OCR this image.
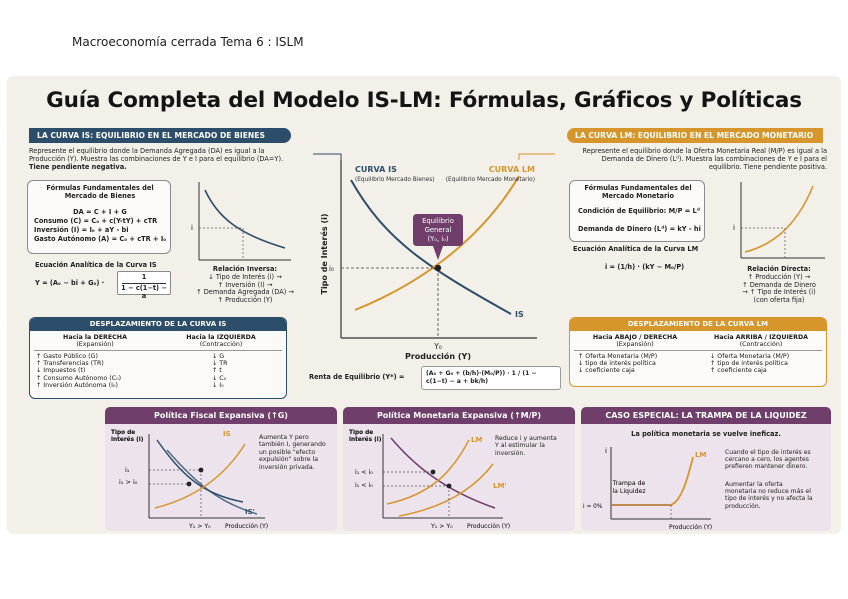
Macroeconomía cerrada Tema 6 : ISLM
Guía Completa del Modelo IS-LM: Fórmulas, Gráficos y Políticas
LA CURVA IS: EQUILIBRIO EN EL MERCADO DE BIENES
Represente el equilibrio donde la Demanda Agregada (DA) es igual a la
Producción (Y). Muestra las combinaciones de Y e I para el equilibrio (DA=Y).
Tiene pendiente negativa.
Fórmulas Fundamentales del Mercado de Bienes
DA = C + I + G
Consumo (C) = C₀ + c(Y-tY) + cTR
Inversión (I) = I₀ + aY - bi
Gasto Autónomo (A) = C₀ + cTR + I₀
Ecuación Analítica de la Curva IS
Y = (A₀ − bi + G₀) ·
1
1 − c(1−t) − a
i
Relación Inversa:
↓ Tipo de Interés (i) →
↑ Inversión (I) →
↑ Demanda Agregada (DA) →
↑ Producción (Y)
DESPLAZAMIENTO DE LA CURVA IS
Hacia la DERECHA
(Expansión)
Hacia la IZQUIERDA
(Contracción)
↑ Gasto Público (G)
↑ Transferencias (TR)
↓ Impuestos (t)
↑ Consumo Autónomo (C₀)
↑ Inversión Autónoma (I₀)
↓ G
↓ TR
↑ t
↓ C₀
↓ I₀
Equilibrio
General
(Y₀, i₀)
CURVA IS
(Equilibrio Mercado Bienes)
CURVA LM
(Equilibrio Mercado Monetario)
Tipo de Interés (i) i₀
Y₀
Producción (Y)
IS
Renta de Equilibrio (Y*) =	(A₀ + G₀ + (b/h)·(M₀/P)) · 1 / (1 − c(1−t) − a + bk/h)
LA CURVA LM: EQUILIBRIO EN EL MERCADO MONETARIO
Represente el equilibrio donde la Oferta Monetaria Real (M/P) es igual a la
Demanda de Dinero (Lᵈ). Muestra las combinaciones de Y e I para el
equilibrio. Tiene pendiente positiva.
Fórmulas Fundamentales del Mercado Monetario
Condición de Equilibrio: M/P = Lᵈ
Demanda de Dinero (Lᵈ) = kY - hi
Ecuación Analítica de la Curva LM
i = (1/h) · (kY − M₀/P)
i
Relación Directa:
↑ Producción (Y) →
↑ Demanda de Dinero
→ ↑ Tipo de Interés (i)
(con oferta fija)
DESPLAZAMIENTO DE LA CURVA LM
Hacia ABAJO / DERECHA
(Expansión)
Hacia ARRIBA / IZQUIERDA
(Contracción)
↑ Oferta Monetaria (M/P)
↓ tipo de interés política
↓ coeficiente caja
↓ Oferta Monetaria (M/P)
↑ tipo de interés política
↑ coeficiente caja
Política Fiscal Expansiva (↑G)
Tipo de
interés (i)
i₁
i₁ > i₀
Y₁ > Y₀ Producción (Y)
IS
IS'
Aumenta Y pero
también I, generando
un posible "efecto
expulsión" sobre la
inversión privada.
Política Monetaria Expansiva (↑M/P)
Tipo de
interés (i)
i₁ < i₀
i₁ < i₀
Y₁ > Y₀ Producción (Y)
LM
LM'
Reduce i y aumenta
Y al estimular la
inversión.
CASO ESPECIAL: LA TRAMPA DE LA LIQUIDEZ
La política monetaria se vuelve ineficaz.
i	LM
Trampa de
la Liquidez
i ≈ 0%
Producción (Y)
Cuando el tipo de interés es
cercano a cero, los agentes
prefieren mantener dinero.
Aumentar la oferta
monetaria no reduce más el
tipo de interés y no afecta la
producción.
